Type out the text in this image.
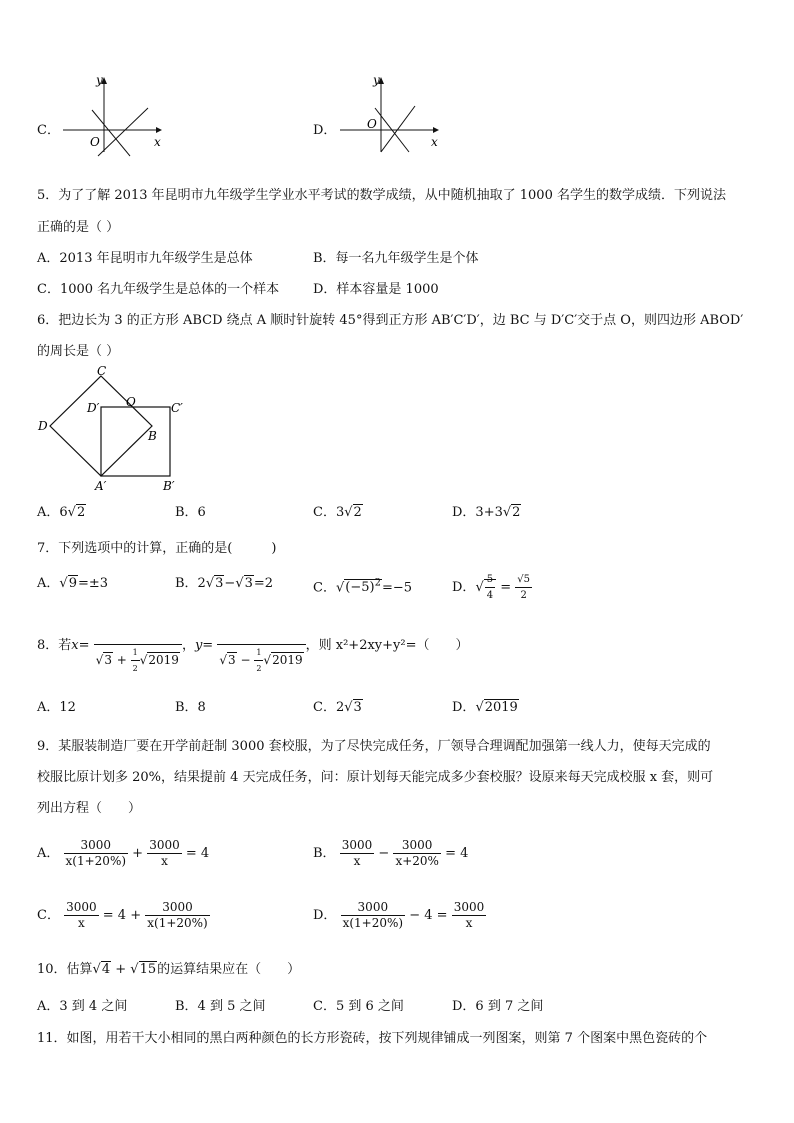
C．
y
O	x
D．
y
O
x
5．为了了解 2013 年昆明市九年级学生学业水平考试的数学成绩，从中随机抽取了 1000 名学生的数学成绩．下列说法
正确的是（ ）
A．2013 年昆明市九年级学生是总体	B．每一名九年级学生是个体
C．1000 名九年级学生是总体的一个样本	D．样本容量是 1000
6．把边长为 3 的正方形 ABCD 绕点 A 顺时针旋转 45°得到正方形 AB′C′D′，边 BC 与 D′C′交于点 O，则四边形 ABOD′
的周长是（ ）
C
D′ O	C′
D
B
A′	B′
A．6√2	B．6	C．3√2	D．3+3√2
7．下列选项中的计算，正确的是(　　　)
A．√9=±3	B．2√3−√3=2	C．$√(-5)^2=-5$	D．√ $\frac{5}{4} = \frac{√5}{2}$
8．若x=
$√3 + \frac{1}{2} √2019$
，y=
$√3 - \frac{1}{2} √2019$
，则 x²+2xy+y²=（　　）
A．12	B．8	C．2√3	D．√2019
9．某服装制造厂要在开学前赶制 3000 套校服，为了尽快完成任务，厂领导合理调配加强第一线人力，使每天完成的
校服比原计划多 20%，结果提前 4 天完成任务，问：原计划每天能完成多少套校服？设原来每天完成校服 x 套，则可
列出方程（　　）
A． $\frac{3000}{x(1+20\%)} + \frac{3000}{x} = 4$	B． $\frac{3000}{x} - \frac{3000}{x+20\%} = 4$
C． $\frac{3000}{x} = 4 + \frac{3000}{x(1+20\%)}$	D． $\frac{3000}{x(1+20\%)} - 4 = \frac{3000}{x}$
10．估算√4 + √15的运算结果应在（　　）
A．3 到 4 之间	B．4 到 5 之间	C．5 到 6 之间	D．6 到 7 之间
11．如图，用若干大小相同的黑白两种颜色的长方形瓷砖，按下列规律铺成一列图案，则第 7 个图案中黑色瓷砖的个
